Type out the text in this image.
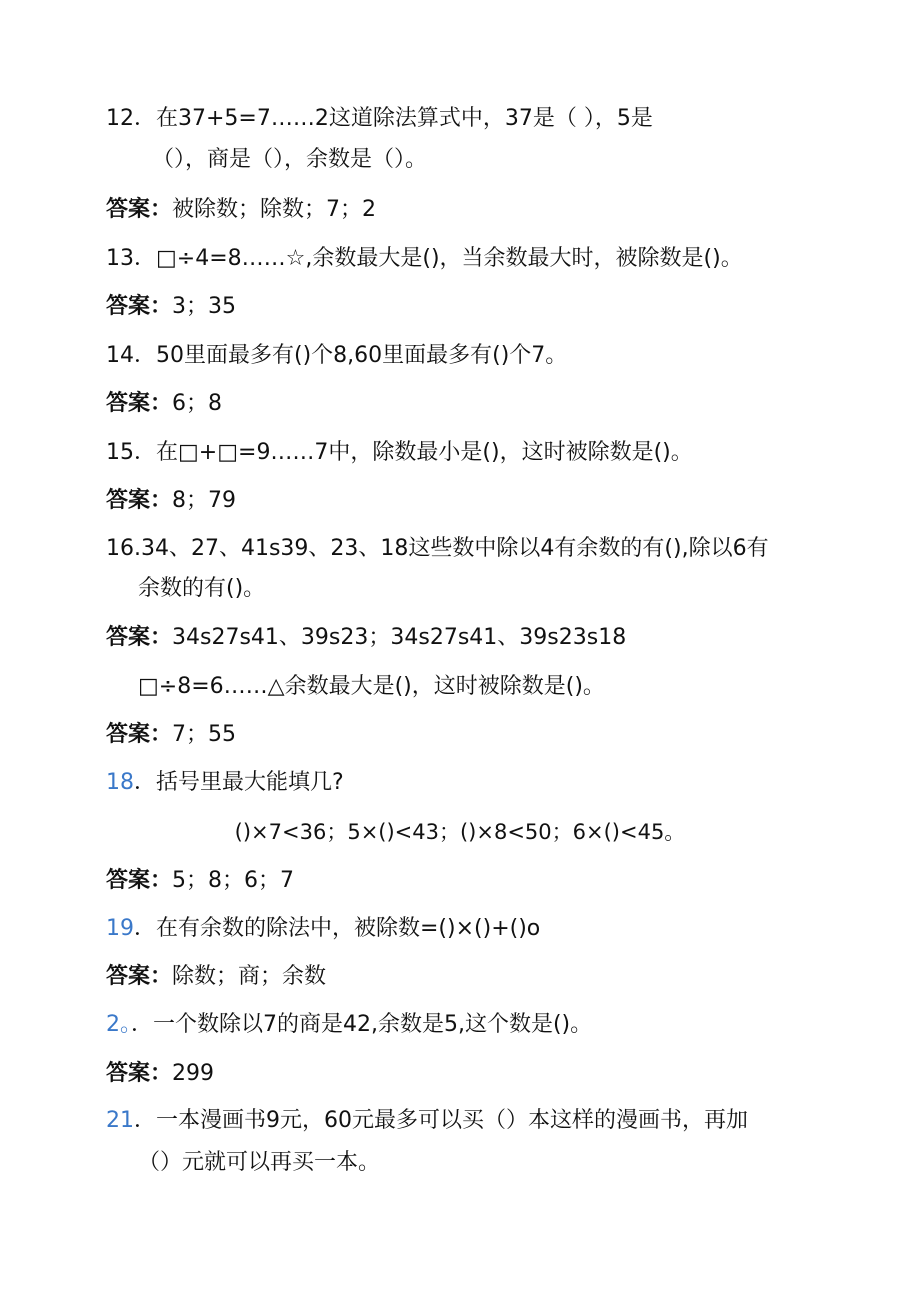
12．在37+5=7……2这道除法算式中，37是（ ），5是
（），商是（），余数是（）。
答案：被除数；除数；7；2
13．□÷4=8……☆,余数最大是()，当余数最大时，被除数是()。
答案：3；35
14．50里面最多有()个8,60里面最多有()个7。
答案：6；8
15．在□+□=9……7中，除数最小是()，这时被除数是()。
答案：8；79
16.34、27、41s39、23、18这些数中除以4有余数的有(),除以6有
余数的有()。
答案：34s27s41、39s23；34s27s41、39s23s18
□÷8=6……△余数最大是()，这时被除数是()。
答案：7；55
18．括号里最大能填几?
()×7<36；5×()<43；()×8<50；6×()<45。
答案：5；8；6；7
19．在有余数的除法中，被除数=()×()+()o
答案：除数；商；余数
2。．一个数除以7的商是42,余数是5,这个数是()。
答案：299
21．一本漫画书9元，60元最多可以买（）本这样的漫画书，再加
（）元就可以再买一本。
